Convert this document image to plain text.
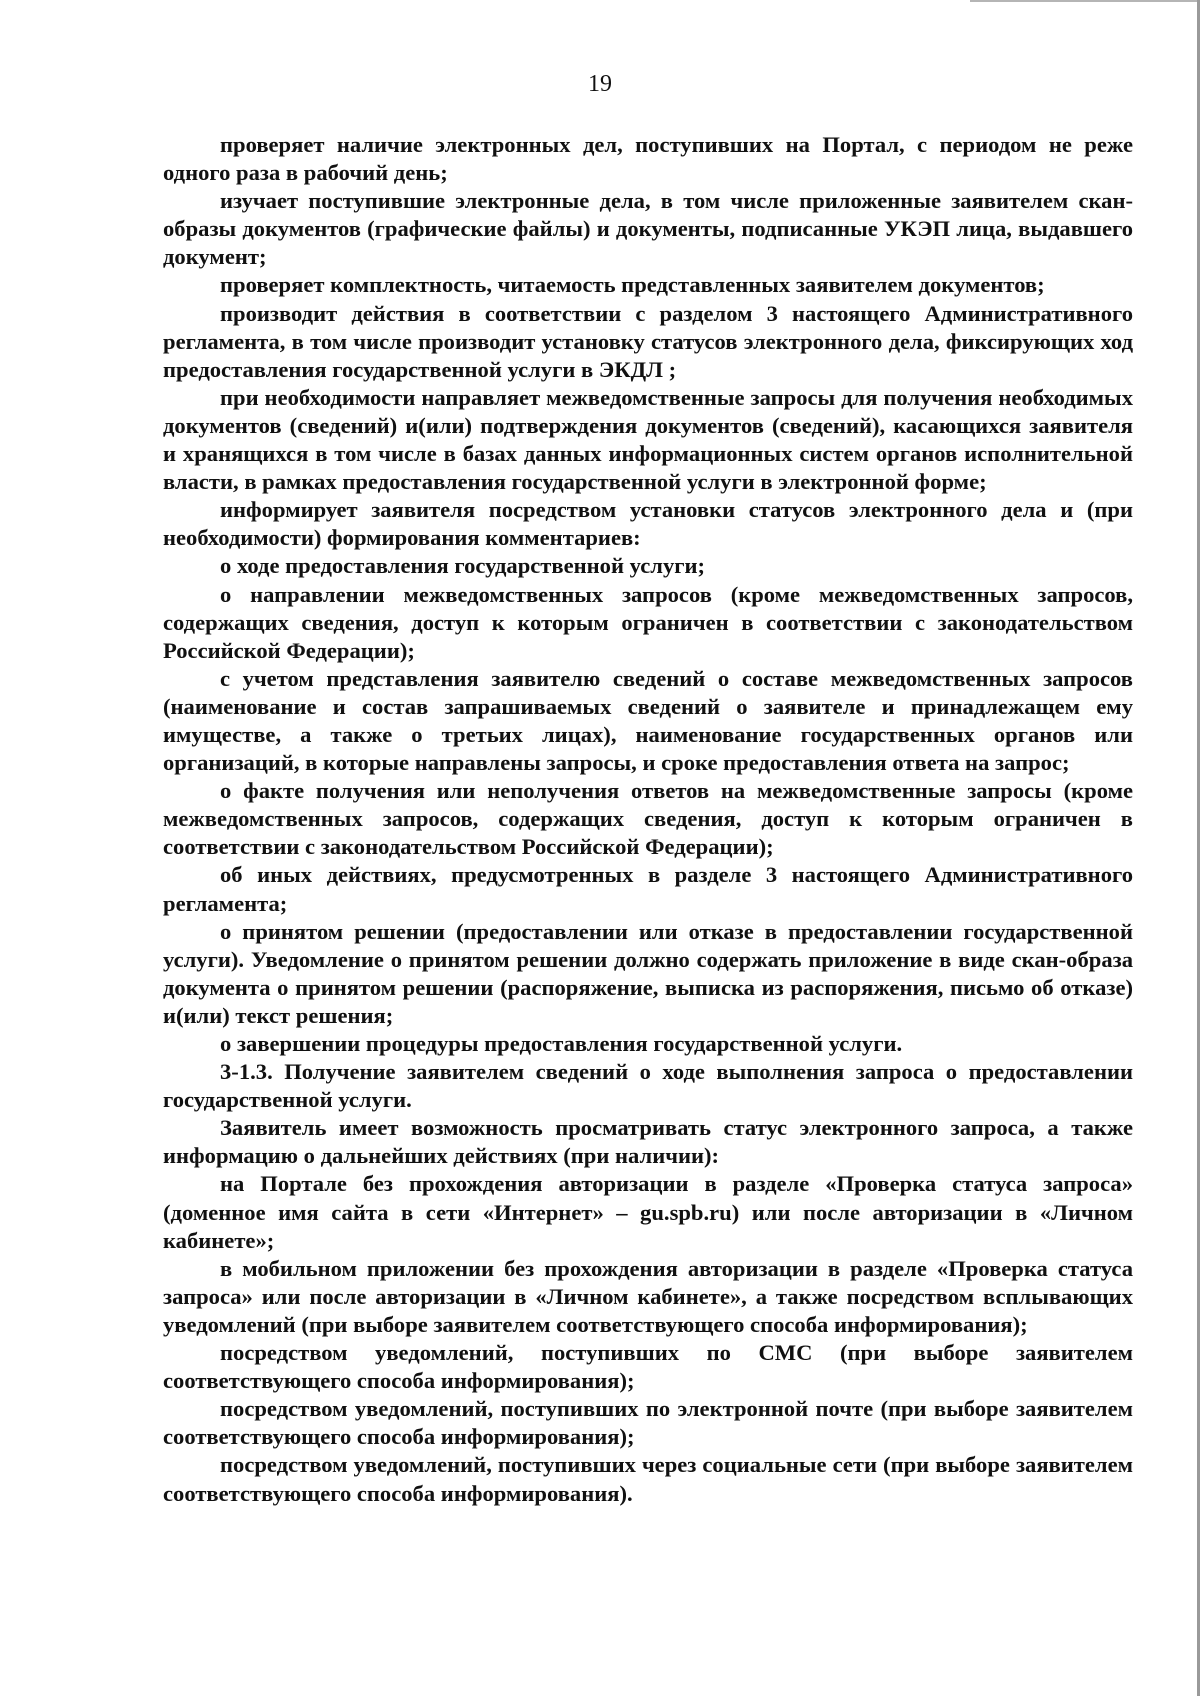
19

проверяет наличие электронных дел, поступивших на Портал, с периодом не реже одного раза в рабочий день;

изучает поступившие электронные дела, в том числе приложенные заявителем скан-образы документов (графические файлы) и документы, подписанные УКЭП лица, выдавшего документ;

проверяет комплектность, читаемость представленных заявителем документов;

производит действия в соответствии с разделом 3 настоящего Административного регламента, в том числе производит установку статусов электронного дела, фиксирующих ход предоставления государственной услуги в ЭКДЛ ;

при необходимости направляет межведомственные запросы для получения необходимых документов (сведений) и(или) подтверждения документов (сведений), касающихся заявителя и хранящихся в том числе в базах данных информационных систем органов исполнительной власти, в рамках предоставления государственной услуги в электронной форме;

информирует заявителя посредством установки статусов электронного дела и (при необходимости) формирования комментариев:

о ходе предоставления государственной услуги;

о направлении межведомственных запросов (кроме межведомственных запросов, содержащих сведения, доступ к которым ограничен в соответствии с законодательством Российской Федерации);

с учетом представления заявителю сведений о составе межведомственных запросов (наименование и состав запрашиваемых сведений о заявителе и принадлежащем ему имуществе, а также о третьих лицах), наименование государственных органов или организаций, в которые направлены запросы, и сроке предоставления ответа на запрос;

о факте получения или неполучения ответов на межведомственные запросы (кроме межведомственных запросов, содержащих сведения, доступ к которым ограничен в соответствии с законодательством Российской Федерации);

об иных действиях, предусмотренных в разделе 3 настоящего Административного регламента;

о принятом решении (предоставлении или отказе в предоставлении государственной услуги). Уведомление о принятом решении должно содержать приложение в виде скан-образа документа о принятом решении (распоряжение, выписка из распоряжения, письмо об отказе) и(или) текст решения;

о завершении процедуры предоставления государственной услуги.

3-1.3. Получение заявителем сведений о ходе выполнения запроса о предоставлении государственной услуги.

Заявитель имеет возможность просматривать статус электронного запроса, а также информацию о дальнейших действиях (при наличии):

на Портале без прохождения авторизации в разделе «Проверка статуса запроса» (доменное имя сайта в сети «Интернет» – gu.spb.ru) или после авторизации в «Личном кабинете»;

в мобильном приложении без прохождения авторизации в разделе «Проверка статуса запроса» или после авторизации в «Личном кабинете», а также посредством всплывающих уведомлений (при выборе заявителем соответствующего способа информирования);

посредством уведомлений, поступивших по СМС (при выборе заявителем соответствующего способа информирования);

посредством уведомлений, поступивших по электронной почте (при выборе заявителем соответствующего способа информирования);

посредством уведомлений, поступивших через социальные сети (при выборе заявителем соответствующего способа информирования).
